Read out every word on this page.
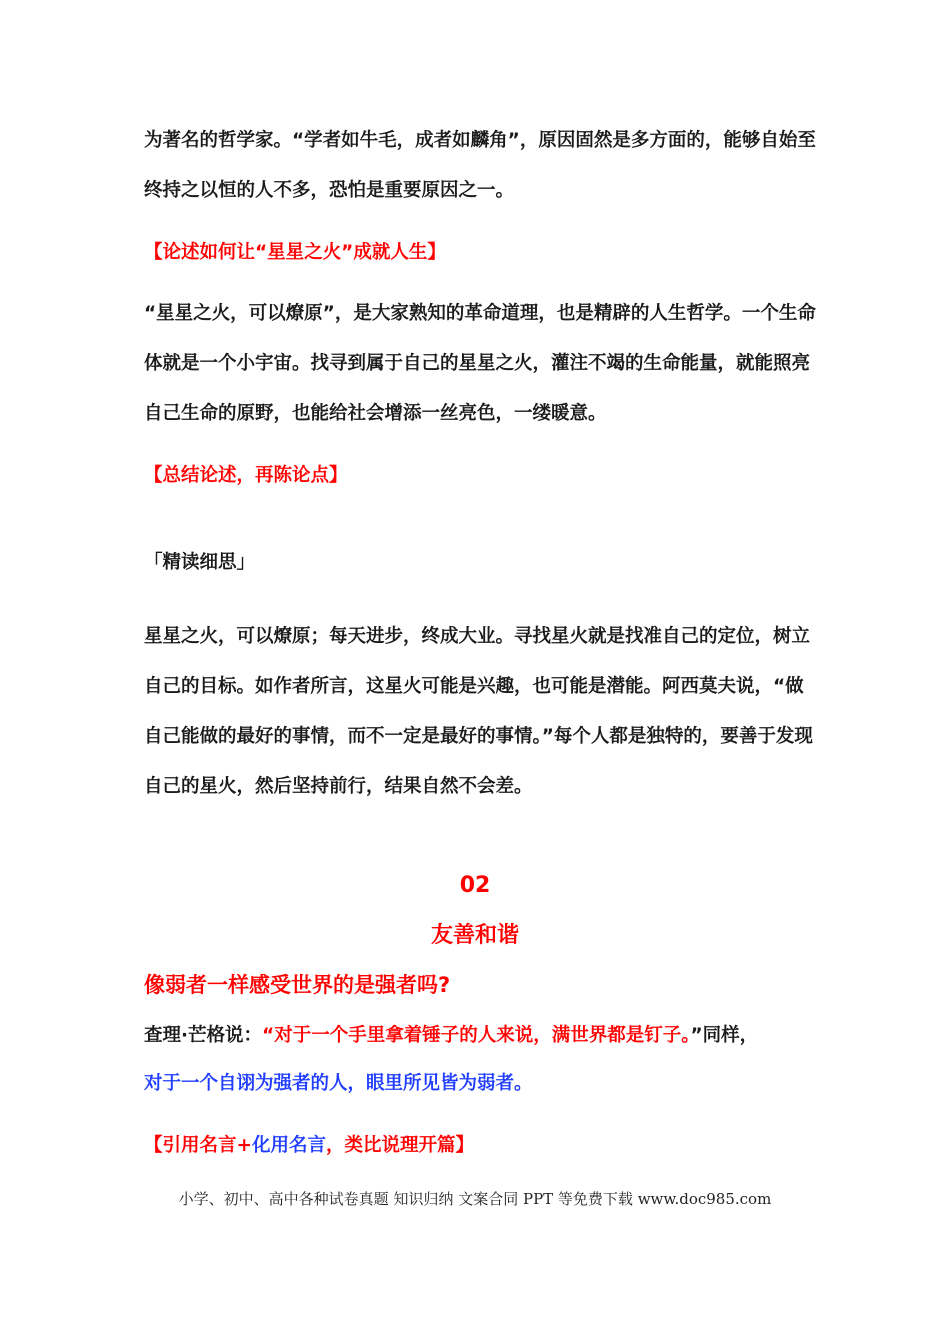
为著名的哲学家。“学者如牛毛，成者如麟角”，原因固然是多方面的，能够自始至终持之以恒的人不多，恐怕是重要原因之一。

【论述如何让“星星之火”成就人生】

“星星之火，可以燎原”，是大家熟知的革命道理，也是精辟的人生哲学。一个生命体就是一个小宇宙。找寻到属于自己的星星之火，灌注不竭的生命能量，就能照亮自己生命的原野，也能给社会增添一丝亮色，一缕暖意。

【总结论述，再陈论点】

「精读细思」

星星之火，可以燎原；每天进步，终成大业。寻找星火就是找准自己的定位，树立自己的目标。如作者所言，这星火可能是兴趣，也可能是潜能。阿西莫夫说，“做自己能做的最好的事情，而不一定是最好的事情。”每个人都是独特的，要善于发现自己的星火，然后坚持前行，结果自然不会差。

02

友善和谐

像弱者一样感受世界的是强者吗?

查理·芒格说：“对于一个手里拿着锤子的人来说，满世界都是钉子。”同样，

对于一个自诩为强者的人，眼里所见皆为弱者。

【引用名言+化用名言，类比说理开篇】

小学、初中、高中各种试卷真题 知识归纳 文案合同 PPT 等免费下载 www.doc985.com
